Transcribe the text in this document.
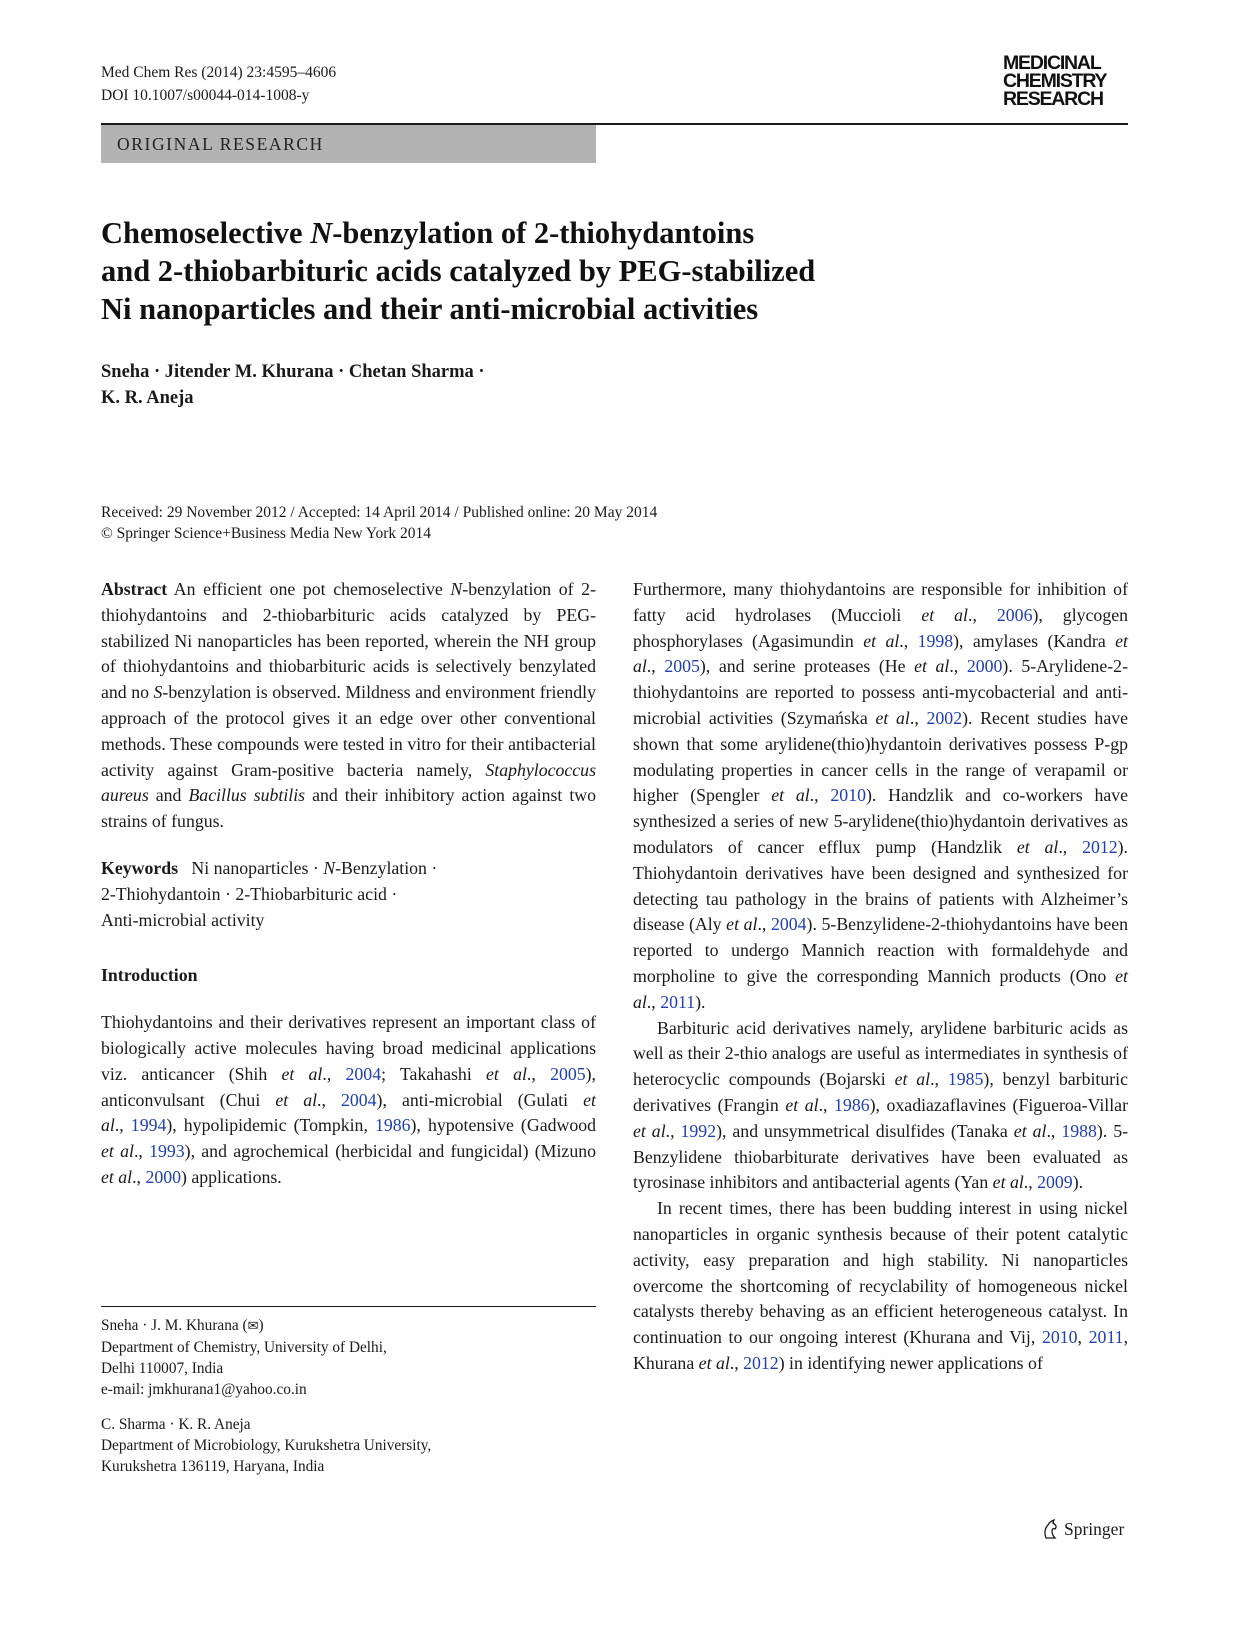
Med Chem Res (2014) 23:4595–4606
DOI 10.1007/s00044-014-1008-y
MEDICINAL
CHEMISTRY
RESEARCH
ORIGINAL RESEARCH
Chemoselective N-benzylation of 2-thiohydantoins
and 2-thiobarbituric acids catalyzed by PEG-stabilized
Ni nanoparticles and their anti-microbial activities
Sneha · Jitender M. Khurana · Chetan Sharma ·
K. R. Aneja
Received: 29 November 2012 / Accepted: 14 April 2014 / Published online: 20 May 2014
© Springer Science+Business Media New York 2014

Abstract An efficient one pot chemoselective N-benzylation of 2-thiohydantoins and 2-thiobarbituric acids catalyzed by PEG-stabilized Ni nanoparticles has been reported, wherein the NH group of thiohydantoins and thiobarbituric acids is selectively benzylated and no S-benzylation is observed. Mildness and environment friendly approach of the protocol gives it an edge over other conventional methods. These compounds were tested in vitro for their antibacterial activity against Gram-positive bacteria namely, Staphylococcus aureus and Bacillus subtilis and their inhibitory action against two strains of fungus.

Keywords Ni nanoparticles · N-Benzylation ·
2-Thiohydantoin · 2-Thiobarbituric acid ·
Anti-microbial activity

Introduction

Thiohydantoins and their derivatives represent an important class of biologically active molecules having broad medicinal applications viz. anticancer (Shih et al., 2004; Takahashi et al., 2005), anticonvulsant (Chui et al., 2004), anti-microbial (Gulati et al., 1994), hypolipidemic (Tompkin, 1986), hypotensive (Gadwood et al., 1993), and agrochemical (herbicidal and fungicidal) (Mizuno et al., 2000) applications.

Sneha · J. M. Khurana (✉)

Department of Chemistry, University of Delhi,

Delhi 110007, India

e-mail: jmkhurana1@yahoo.co.in

C. Sharma · K. R. Aneja

Department of Microbiology, Kurukshetra University,

Kurukshetra 136119, Haryana, India

Furthermore, many thiohydantoins are responsible for inhibition of fatty acid hydrolases (Muccioli et al., 2006), glycogen phosphorylases (Agasimundin et al., 1998), amylases (Kandra et al., 2005), and serine proteases (He et al., 2000). 5-Arylidene-2-thiohydantoins are reported to possess anti-mycobacterial and anti-microbial activities (Szymańska et al., 2002). Recent studies have shown that some arylidene(thio)hydantoin derivatives possess P-gp modulating properties in cancer cells in the range of verapamil or higher (Spengler et al., 2010). Handzlik and co-workers have synthesized a series of new 5-arylidene(thio)hydantoin derivatives as modulators of cancer efflux pump (Handzlik et al., 2012). Thiohydantoin derivatives have been designed and synthesized for detecting tau pathology in the brains of patients with Alzheimer’s disease (Aly et al., 2004). 5-Benzylidene-2-thiohydantoins have been reported to undergo Mannich reaction with formaldehyde and morpholine to give the corresponding Mannich products (Ono et al., 2011).

Barbituric acid derivatives namely, arylidene barbituric acids as well as their 2-thio analogs are useful as intermediates in synthesis of heterocyclic compounds (Bojarski et al., 1985), benzyl barbituric derivatives (Frangin et al., 1986), oxadiazaflavines (Figueroa-Villar et al., 1992), and unsymmetrical disulfides (Tanaka et al., 1988). 5-Benzylidene thiobarbiturate derivatives have been evaluated as tyrosinase inhibitors and antibacterial agents (Yan et al., 2009).

In recent times, there has been budding interest in using nickel nanoparticles in organic synthesis because of their potent catalytic activity, easy preparation and high stability. Ni nanoparticles overcome the shortcoming of recyclability of homogeneous nickel catalysts thereby behaving as an efficient heterogeneous catalyst. In continuation to our ongoing interest (Khurana and Vij, 2010, 2011, Khurana et al., 2012) in identifying newer applications of

Springer
